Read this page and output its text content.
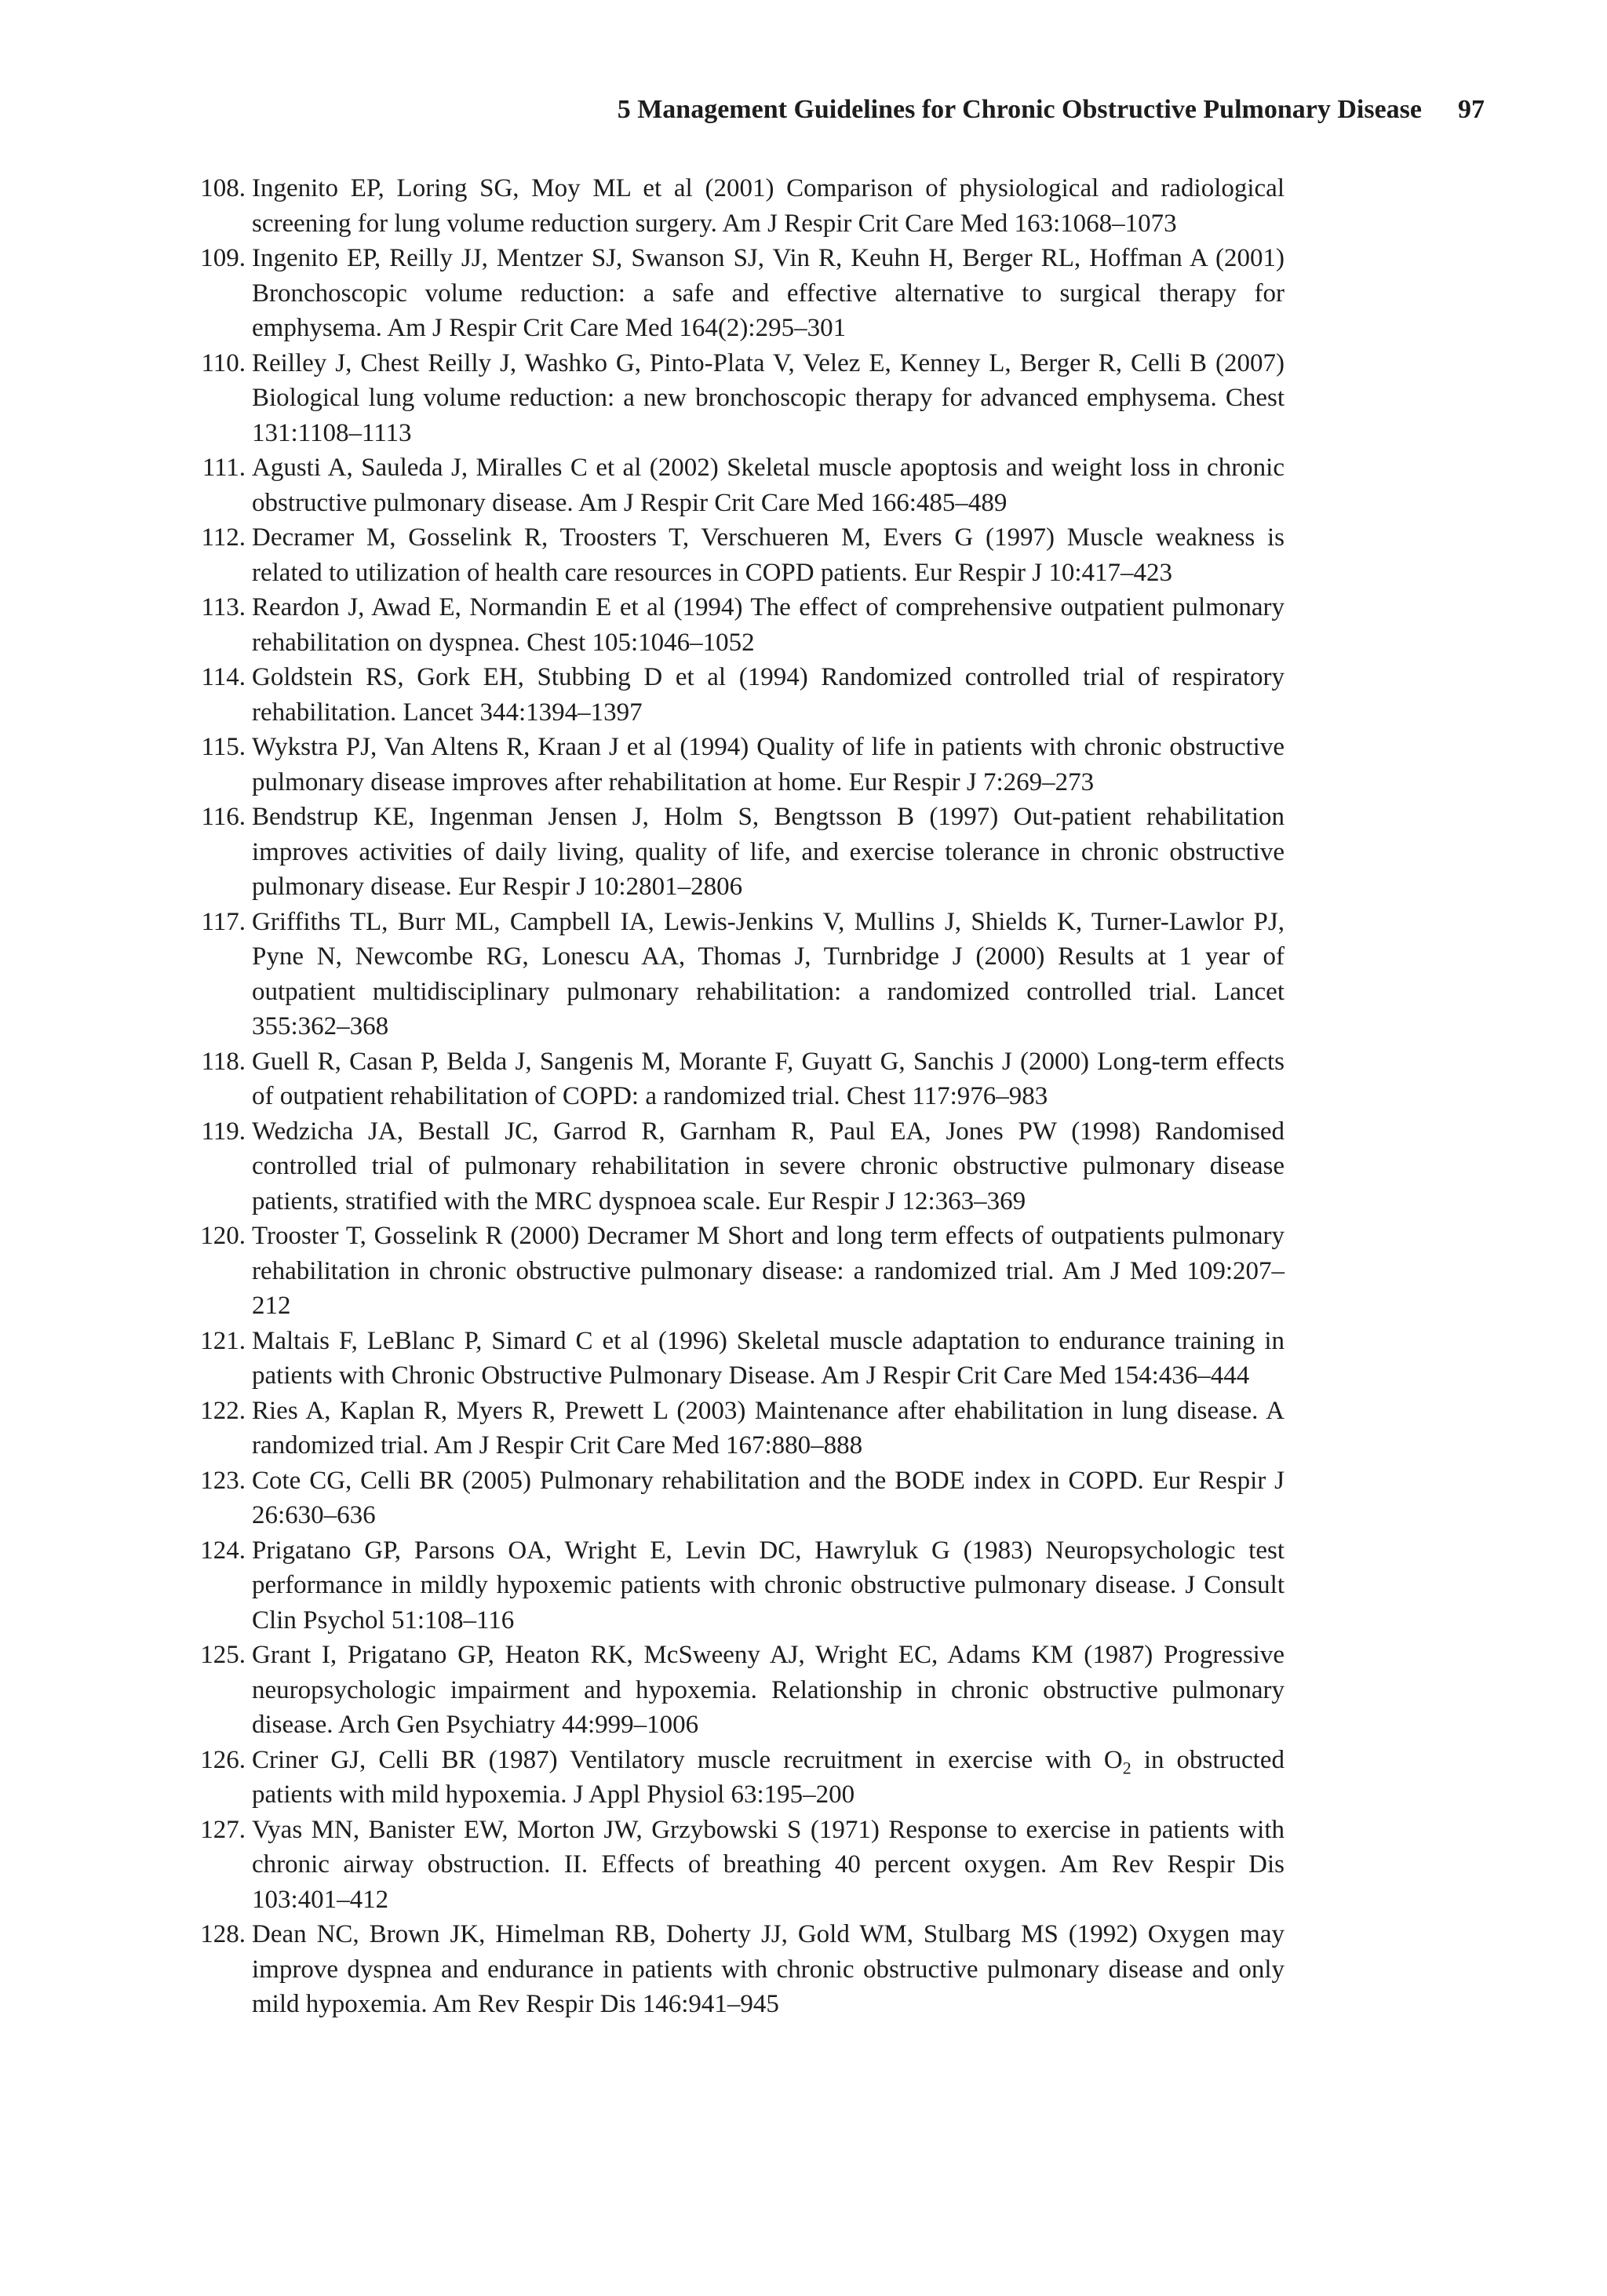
5 Management Guidelines for Chronic Obstructive Pulmonary Disease 97
108. Ingenito EP, Loring SG, Moy ML et al (2001) Comparison of physiological and radiological screening for lung volume reduction surgery. Am J Respir Crit Care Med 163:1068–1073
109. Ingenito EP, Reilly JJ, Mentzer SJ, Swanson SJ, Vin R, Keuhn H, Berger RL, Hoffman A (2001) Bronchoscopic volume reduction: a safe and effective alternative to surgical therapy for emphysema. Am J Respir Crit Care Med 164(2):295–301
110. Reilley J, Chest Reilly J, Washko G, Pinto-Plata V, Velez E, Kenney L, Berger R, Celli B (2007) Biological lung volume reduction: a new bronchoscopic therapy for advanced emphysema. Chest 131:1108–1113
111. Agusti A, Sauleda J, Miralles C et al (2002) Skeletal muscle apoptosis and weight loss in chronic obstructive pulmonary disease. Am J Respir Crit Care Med 166:485–489
112. Decramer M, Gosselink R, Troosters T, Verschueren M, Evers G (1997) Muscle weakness is related to utilization of health care resources in COPD patients. Eur Respir J 10:417–423
113. Reardon J, Awad E, Normandin E et al (1994) The effect of comprehensive outpatient pulmonary rehabilitation on dyspnea. Chest 105:1046–1052
114. Goldstein RS, Gork EH, Stubbing D et al (1994) Randomized controlled trial of respiratory rehabilitation. Lancet 344:1394–1397
115. Wykstra PJ, Van Altens R, Kraan J et al (1994) Quality of life in patients with chronic obstructive pulmonary disease improves after rehabilitation at home. Eur Respir J 7:269–273
116. Bendstrup KE, Ingenman Jensen J, Holm S, Bengtsson B (1997) Out-patient rehabilitation improves activities of daily living, quality of life, and exercise tolerance in chronic obstructive pulmonary disease. Eur Respir J 10:2801–2806
117. Griffiths TL, Burr ML, Campbell IA, Lewis-Jenkins V, Mullins J, Shields K, Turner-Lawlor PJ, Pyne N, Newcombe RG, Lonescu AA, Thomas J, Turnbridge J (2000) Results at 1 year of outpatient multidisciplinary pulmonary rehabilitation: a randomized controlled trial. Lancet 355:362–368
118. Guell R, Casan P, Belda J, Sangenis M, Morante F, Guyatt G, Sanchis J (2000) Long-term effects of outpatient rehabilitation of COPD: a randomized trial. Chest 117:976–983
119. Wedzicha JA, Bestall JC, Garrod R, Garnham R, Paul EA, Jones PW (1998) Randomised controlled trial of pulmonary rehabilitation in severe chronic obstructive pulmonary disease patients, stratified with the MRC dyspnoea scale. Eur Respir J 12:363–369
120. Trooster T, Gosselink R (2000) Decramer M Short and long term effects of outpatients pulmonary rehabilitation in chronic obstructive pulmonary disease: a randomized trial. Am J Med 109:207–212
121. Maltais F, LeBlanc P, Simard C et al (1996) Skeletal muscle adaptation to endurance training in patients with Chronic Obstructive Pulmonary Disease. Am J Respir Crit Care Med 154:436–444
122. Ries A, Kaplan R, Myers R, Prewett L (2003) Maintenance after ehabilitation in lung disease. A randomized trial. Am J Respir Crit Care Med 167:880–888
123. Cote CG, Celli BR (2005) Pulmonary rehabilitation and the BODE index in COPD. Eur Respir J 26:630–636
124. Prigatano GP, Parsons OA, Wright E, Levin DC, Hawryluk G (1983) Neuropsychologic test performance in mildly hypoxemic patients with chronic obstructive pulmonary disease. J Consult Clin Psychol 51:108–116
125. Grant I, Prigatano GP, Heaton RK, McSweeny AJ, Wright EC, Adams KM (1987) Progressive neuropsychologic impairment and hypoxemia. Relationship in chronic obstructive pulmonary disease. Arch Gen Psychiatry 44:999–1006
126. Criner GJ, Celli BR (1987) Ventilatory muscle recruitment in exercise with $O_2$ in obstructed patients with mild hypoxemia. J Appl Physiol 63:195–200
127. Vyas MN, Banister EW, Morton JW, Grzybowski S (1971) Response to exercise in patients with chronic airway obstruction. II. Effects of breathing 40 percent oxygen. Am Rev Respir Dis 103:401–412
128. Dean NC, Brown JK, Himelman RB, Doherty JJ, Gold WM, Stulbarg MS (1992) Oxygen may improve dyspnea and endurance in patients with chronic obstructive pulmonary disease and only mild hypoxemia. Am Rev Respir Dis 146:941–945
